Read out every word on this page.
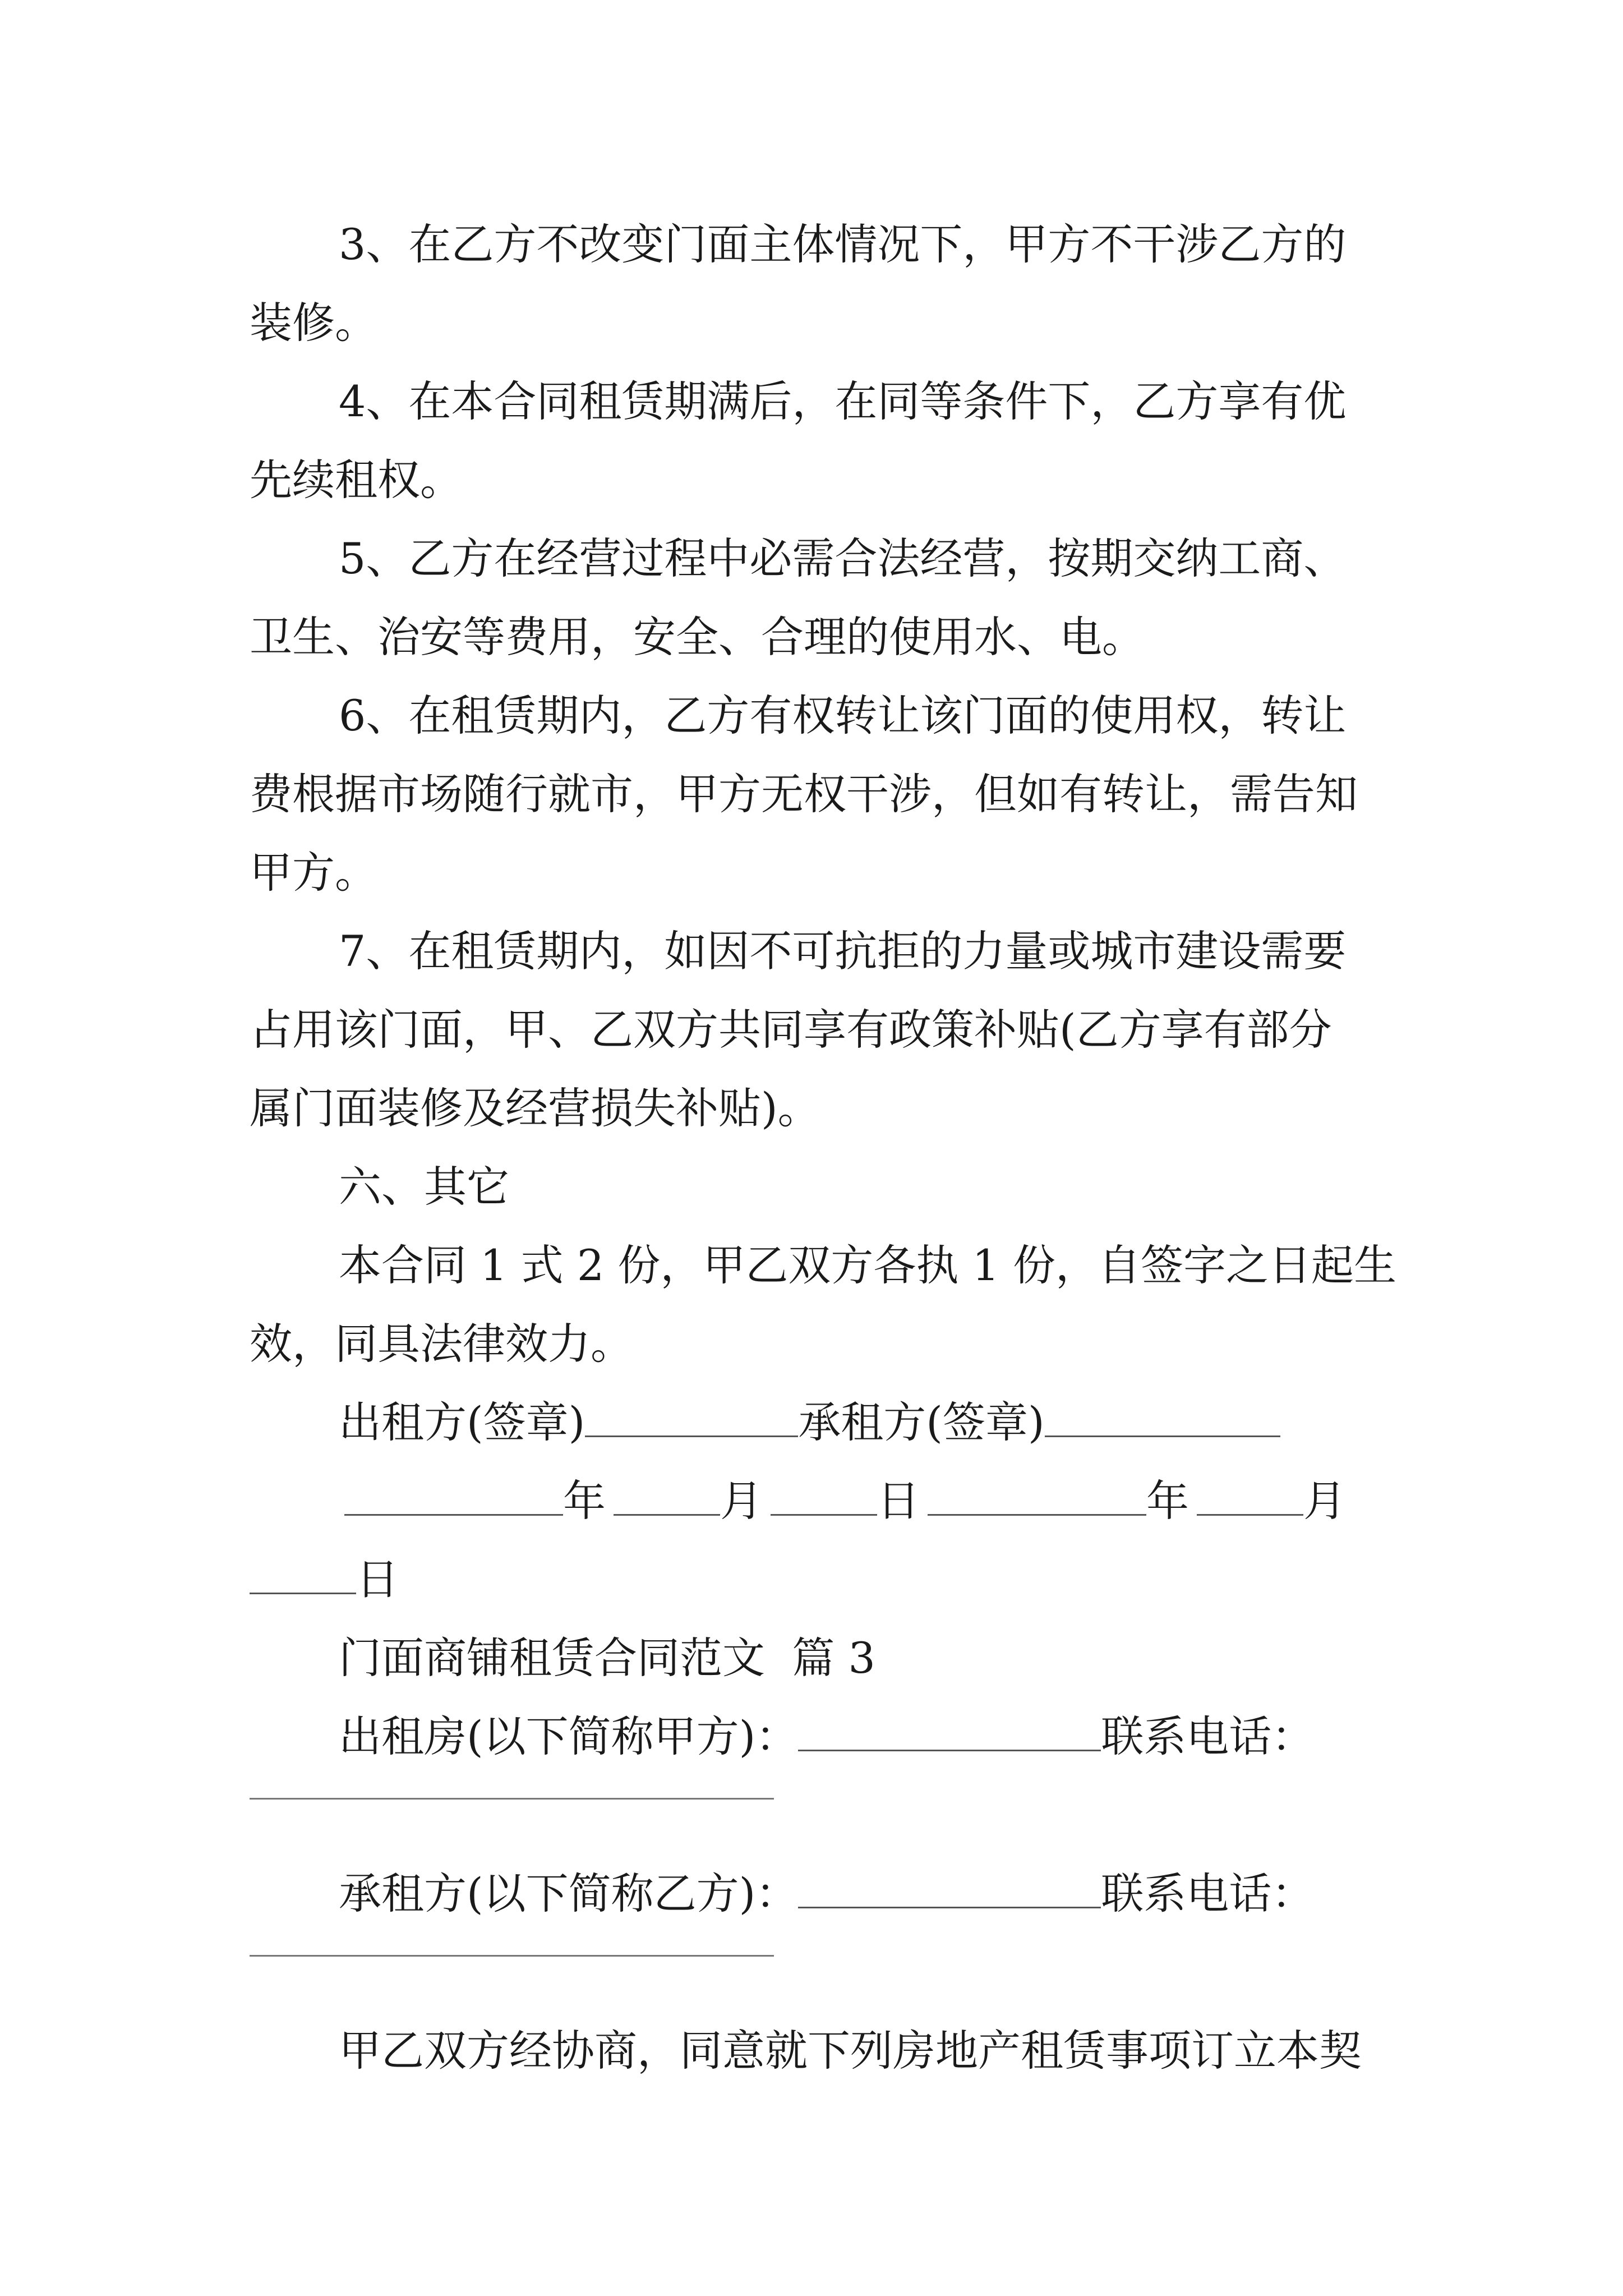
3、在乙方不改变门面主体情况下，甲方不干涉乙方的
装修。
4、在本合同租赁期满后，在同等条件下，乙方享有优
先续租权。
5、乙方在经营过程中必需合法经营，按期交纳工商、
卫生、治安等费用，安全、合理的使用水、电。
6、在租赁期内，乙方有权转让该门面的使用权，转让
费根据市场随行就市，甲方无权干涉，但如有转让，需告知
甲方。
7、在租赁期内，如因不可抗拒的力量或城市建设需要
占用该门面，甲、乙双方共同享有政策补贴(乙方享有部分
属门面装修及经营损失补贴)。
六、其它
本合同 1 式 2 份，甲乙双方各执 1 份，自签字之日起生
效，同具法律效力。
出租方(签章)	承租方(签章)
年	月	日	年	月
日
门面商铺租赁合同范文  篇 3
出租房(以下简称甲方)：	联系电话：
承租方(以下简称乙方)：	联系电话：
甲乙双方经协商，同意就下列房地产租赁事项订立本契
